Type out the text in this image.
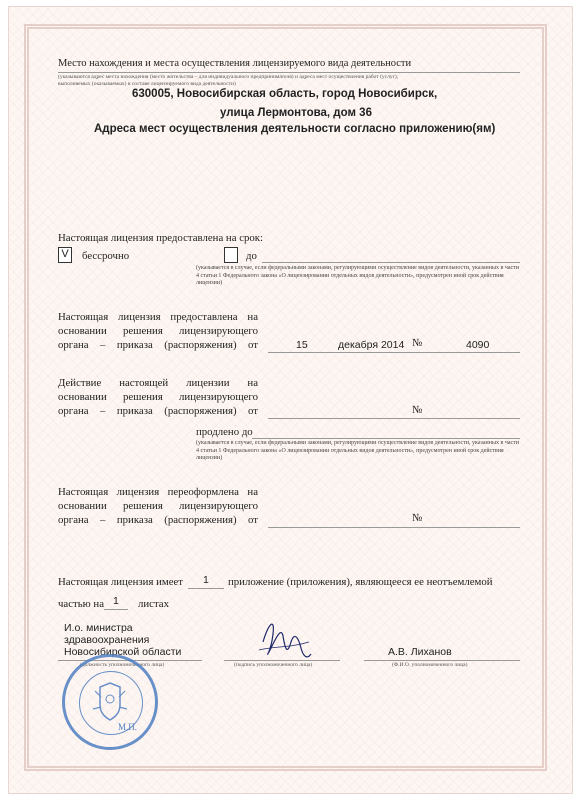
Место нахождения и места осуществления лицензируемого вида деятельности
(указываются адрес места нахождения (место жительства – для индивидуального предпринимателя) и адреса мест осуществления работ (услуг),
выполняемых (оказываемых) в составе лицензируемого вида деятельности)
630005, Новосибирская область, город Новосибирск,
улица Лермонтова, дом 36
Адреса мест осуществления деятельности согласно приложению(ям)
Настоящая лицензия предоставлена на срок:
V	бессрочно	до
(указывается в случае, если федеральными законами, регулирующими осуществление видов деятельности, указанных в части 4 статьи 1 Федерального закона «О лицензировании отдельных видов деятельности», предусмотрен иной срок действия лицензии)
Настоящая лицензия предоставлена на
основании решения лицензирующего
органа – приказа (распоряжения) от	15	декабря 2014 №	4090
Действие настоящей лицензии на
основании решения лицензирующего
органа – приказа (распоряжения) от	№
продлено до
(указывается в случае, если федеральными законами, регулирующими осуществление видов деятельности, указанных в части 4 статьи 1 Федерального закона «О лицензировании отдельных видов деятельности», предусмотрен иной срок действия лицензии)
Настоящая лицензия переоформлена на
основании решения лицензирующего
органа – приказа (распоряжения) от	№
Настоящая лицензия имеет 1 приложение (приложения), являющееся ее неотъемлемой
частью на 1 листах
И.о. министра
здравоохранения
Новосибирской области
(должность уполномоченного лица)	(подпись уполномоченного лица)
А.В. Лиханов
(Ф.И.О. уполномоченного лица)
М.П.
